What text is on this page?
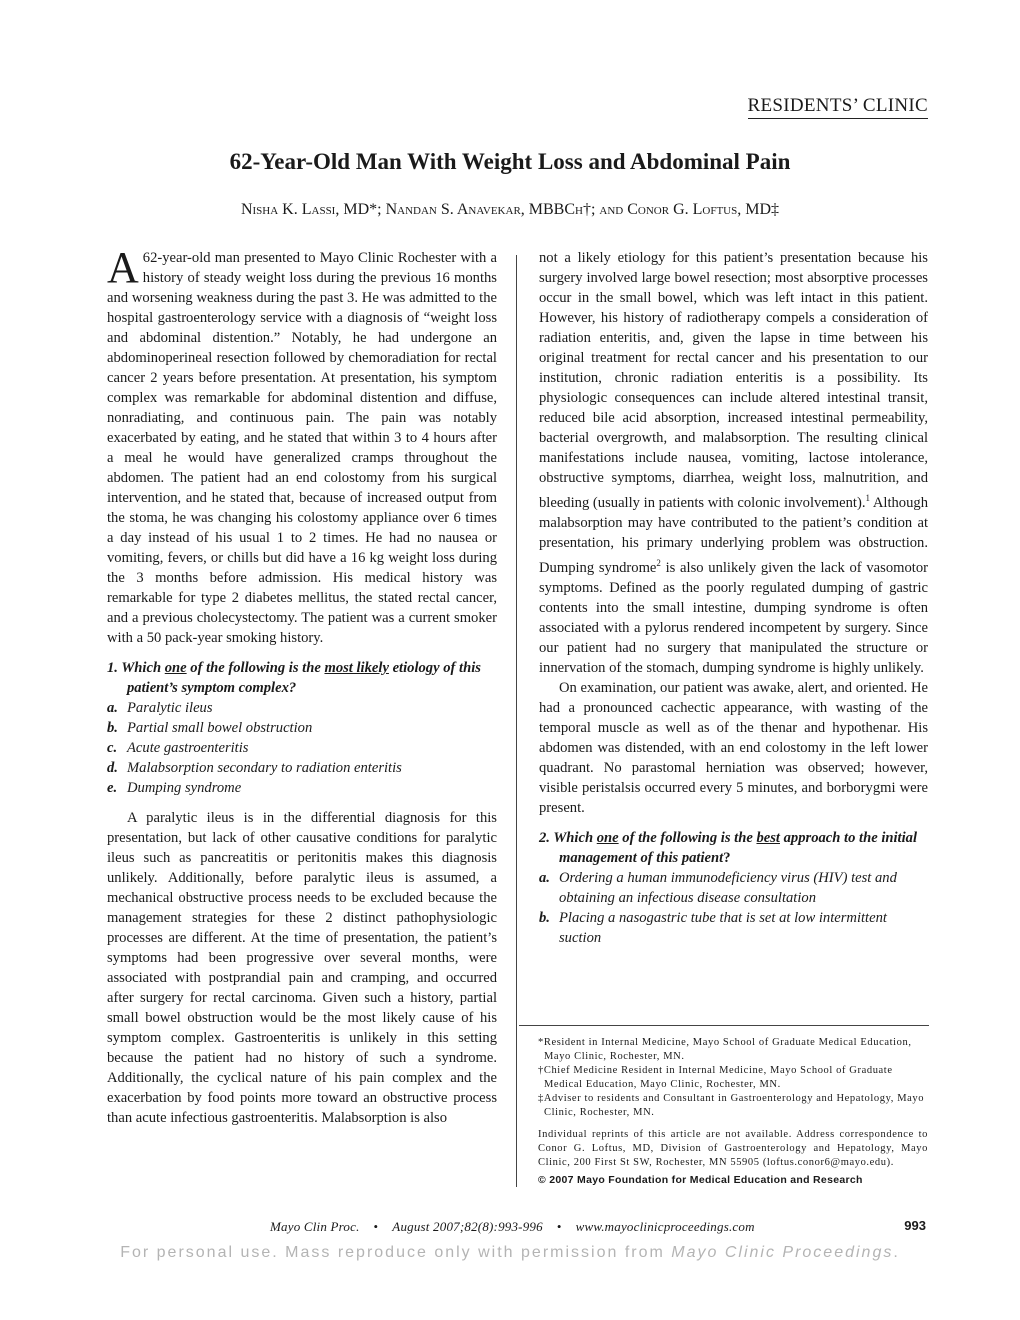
RESIDENTS’ CLINIC
62-Year-Old Man With Weight Loss and Abdominal Pain
Nisha K. Lassi, MD*; Nandan S. Anavekar, MBBCh†; and Conor G. Loftus, MD‡

A 62-year-old man presented to Mayo Clinic Rochester with a history of steady weight loss during the previous 16 months and worsening weakness during the past 3. He was admitted to the hospital gastroenterology service with a diagnosis of “weight loss and abdominal distention.” Notably, he had undergone an abdominoperineal resection followed by chemoradiation for rectal cancer 2 years before presentation. At presentation, his symptom complex was remarkable for abdominal distention and diffuse, nonradiating, and continuous pain. The pain was notably exacerbated by eating, and he stated that within 3 to 4 hours after a meal he would have generalized cramps throughout the abdomen. The patient had an end colostomy from his surgical intervention, and he stated that, because of increased output from the stoma, he was changing his colostomy appliance over 6 times a day instead of his usual 1 to 2 times. He had no nausea or vomiting, fevers, or chills but did have a 16 kg weight loss during the 3 months before admission. His medical history was remarkable for type 2 diabetes mellitus, the stated rectal cancer, and a previous cholecystectomy. The patient was a current smoker with a 50 pack-year smoking history.

1. Which one of the following is the most likely etiology of this patient’s symptom complex?
a. Paralytic ileus
b. Partial small bowel obstruction
c. Acute gastroenteritis
d. Malabsorption secondary to radiation enteritis
e. Dumping syndrome

A paralytic ileus is in the differential diagnosis for this presentation, but lack of other causative conditions for paralytic ileus such as pancreatitis or peritonitis makes this diagnosis unlikely. Additionally, before paralytic ileus is assumed, a mechanical obstructive process needs to be excluded because the management strategies for these 2 distinct pathophysiologic processes are different. At the time of presentation, the patient’s symptoms had been progressive over several months, were associated with postprandial pain and cramping, and occurred after surgery for rectal carcinoma. Given such a history, partial small bowel obstruction would be the most likely cause of his symptom complex. Gastroenteritis is unlikely in this setting because the patient had no history of such a syndrome. Additionally, the cyclical nature of his pain complex and the exacerbation by food points more toward an obstructive process than acute infectious gastroenteritis. Malabsorption is also

not a likely etiology for this patient’s presentation because his surgery involved large bowel resection; most absorptive processes occur in the small bowel, which was left intact in this patient. However, his history of radiotherapy compels a consideration of radiation enteritis, and, given the lapse in time between his original treatment for rectal cancer and his presentation to our institution, chronic radiation enteritis is a possibility. Its physiologic consequences can include altered intestinal transit, reduced bile acid absorption, increased intestinal permeability, bacterial overgrowth, and malabsorption. The resulting clinical manifestations include nausea, vomiting, lactose intolerance, obstructive symptoms, diarrhea, weight loss, malnutrition, and bleeding (usually in patients with colonic involvement).$^1$ Although malabsorption may have contributed to the patient’s condition at presentation, his primary underlying problem was obstruction. Dumping syndrome$^2$ is also unlikely given the lack of vasomotor symptoms. Defined as the poorly regulated dumping of gastric contents into the small intestine, dumping syndrome is often associated with a pylorus rendered incompetent by surgery. Since our patient had no surgery that manipulated the structure or innervation of the stomach, dumping syndrome is highly unlikely.

On examination, our patient was awake, alert, and oriented. He had a pronounced cachectic appearance, with wasting of the temporal muscle as well as of the thenar and hypothenar. His abdomen was distended, with an end colostomy in the left lower quadrant. No parastomal herniation was observed; however, visible peristalsis occurred every 5 minutes, and borborygmi were present.

2. Which one of the following is the best approach to the initial management of this patient?
a. Ordering a human immunodeficiency virus (HIV) test and obtaining an infectious disease consultation
b. Placing a nasogastric tube that is set at low intermittent suction

*Resident in Internal Medicine, Mayo School of Graduate Medical Education, Mayo Clinic, Rochester, MN.

†Chief Medicine Resident in Internal Medicine, Mayo School of Graduate Medical Education, Mayo Clinic, Rochester, MN.

‡Adviser to residents and Consultant in Gastroenterology and Hepatology, Mayo Clinic, Rochester, MN.

Individual reprints of this article are not available. Address correspondence to Conor G. Loftus, MD, Division of Gastroenterology and Hepatology, Mayo Clinic, 200 First St SW, Rochester, MN 55905 (loftus.conor6@mayo.edu).

© 2007 Mayo Foundation for Medical Education and Research
Mayo Clin Proc. • August 2007;82(8):993-996 • www.mayoclinicproceedings.com	993
For personal use. Mass reproduce only with permission from Mayo Clinic Proceedings.
